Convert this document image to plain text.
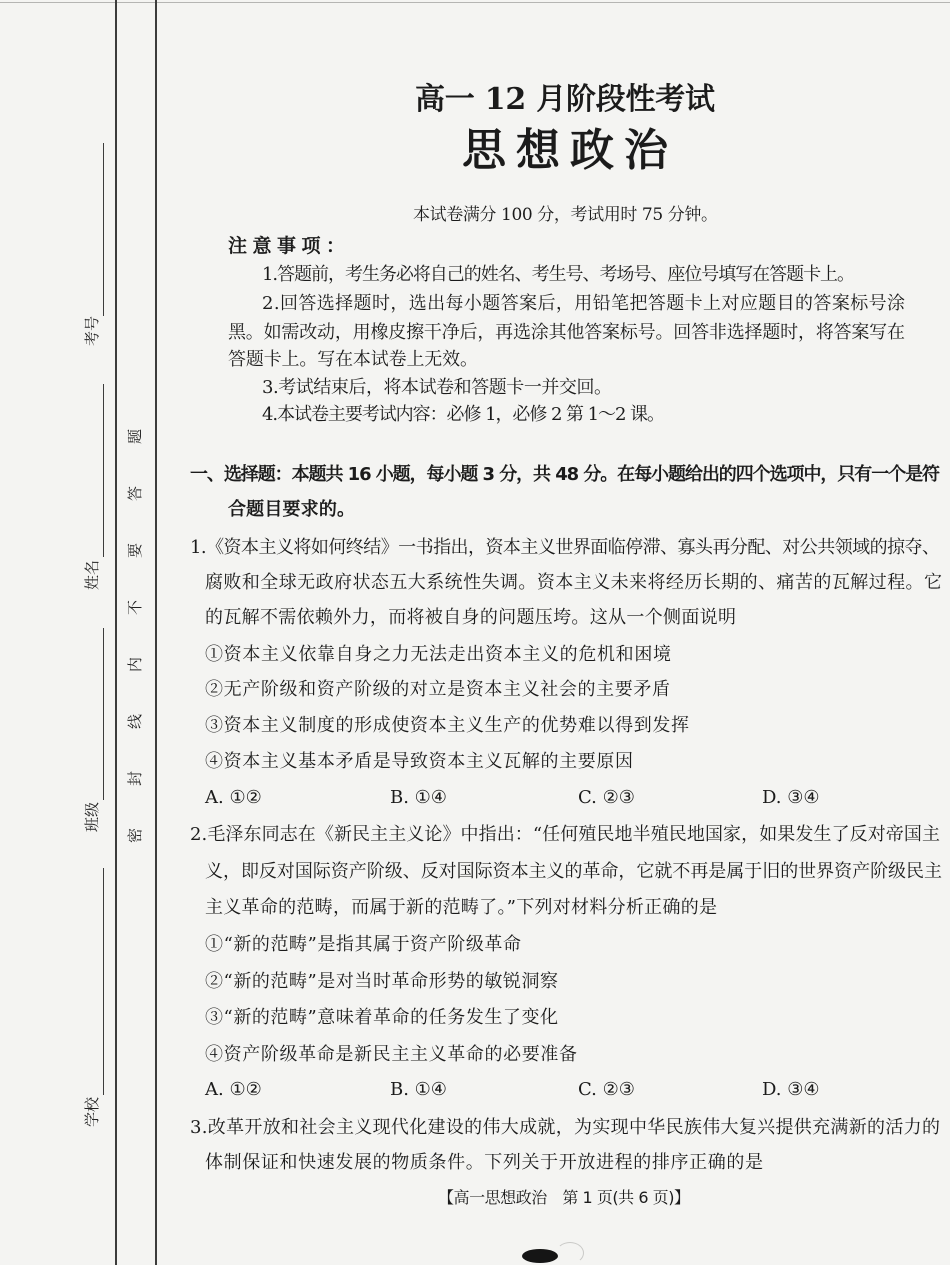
考号
姓名
班级
学校
密封线内不要答题
高一 12 月阶段性考试
思想政治
本试卷满分 100 分，考试用时 75 分钟。
注意事项：
1.答题前，考生务必将自己的姓名、考生号、考场号、座位号填写在答题卡上。
2.回答选择题时，选出每小题答案后，用铅笔把答题卡上对应题目的答案标号涂
黑。如需改动，用橡皮擦干净后，再选涂其他答案标号。回答非选择题时，将答案写在
答题卡上。写在本试卷上无效。
3.考试结束后，将本试卷和答题卡一并交回。
4.本试卷主要考试内容：必修 1，必修 2 第 1～2 课。
一、选择题：本题共 16 小题，每小题 3 分，共 48 分。在每小题给出的四个选项中，只有一个是符
合题目要求的。
1.《资本主义将如何终结》一书指出，资本主义世界面临停滞、寡头再分配、对公共领域的掠夺、
腐败和全球无政府状态五大系统性失调。资本主义未来将经历长期的、痛苦的瓦解过程。它
的瓦解不需依赖外力，而将被自身的问题压垮。这从一个侧面说明
①资本主义依靠自身之力无法走出资本主义的危机和困境
②无产阶级和资产阶级的对立是资本主义社会的主要矛盾
③资本主义制度的形成使资本主义生产的优势难以得到发挥
④资本主义基本矛盾是导致资本主义瓦解的主要原因
A. ①②	B. ①④	C. ②③	D. ③④
2.毛泽东同志在《新民主主义论》中指出：“任何殖民地半殖民地国家，如果发生了反对帝国主
义，即反对国际资产阶级、反对国际资本主义的革命，它就不再是属于旧的世界资产阶级民主
主义革命的范畴，而属于新的范畴了。”下列对材料分析正确的是
①“新的范畴”是指其属于资产阶级革命
②“新的范畴”是对当时革命形势的敏锐洞察
③“新的范畴”意味着革命的任务发生了变化
④资产阶级革命是新民主主义革命的必要准备
A. ①②	B. ①④	C. ②③	D. ③④
3.改革开放和社会主义现代化建设的伟大成就，为实现中华民族伟大复兴提供充满新的活力的
体制保证和快速发展的物质条件。下列关于开放进程的排序正确的是
【高一思想政治　第 1 页(共 6 页)】
